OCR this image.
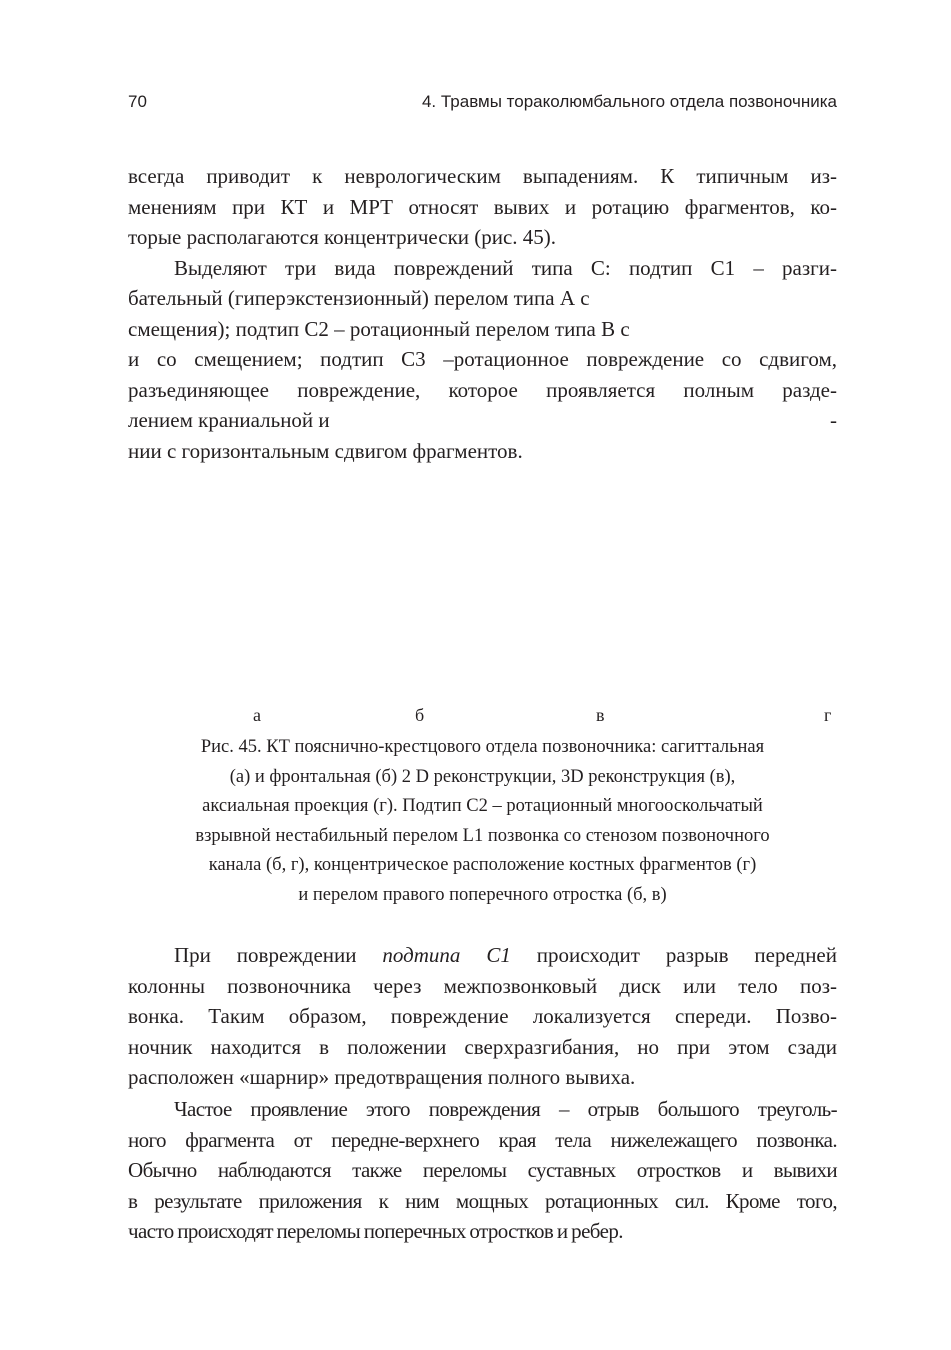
70	4. Травмы тораколюмбального отдела позвоночника
всегда приводит к неврологическим выпадениям. К типичным из-
менениям при КТ и МРТ относят вывих и ротацию фрагментов, ко-
торые располагаются концентрически (рис. 45).
Выделяют три вида повреждений типа С: подтип С1 – разги-
бательный (гиперэкстензионный) перелом типа А с
смещения); подтип С2 – ротационный перелом типа В с
и со смещением; подтип С3 –ротационное повреждение со сдвигом,
разъединяющее повреждение, которое проявляется полным разде-
лением краниальной и	-
нии с горизонтальным сдвигом фрагментов.
а	б	в	г
Рис. 45. КТ пояснично-крестцового отдела позвоночника: сагиттальная
(а) и фронтальная (б) 2 D реконструкции, 3D реконструкция (в),
аксиальная проекция (г). Подтип С2 – ротационный многооскольчатый
взрывной нестабильный перелом L1 позвонка со стенозом позвоночного
канала (б, г), концентрическое расположение костных фрагментов (г)
и перелом правого поперечного отростка (б, в)
При повреждении подтипа С1 происходит разрыв передней
колонны позвоночника через межпозвонковый диск или тело поз-
вонка. Таким образом, повреждение локализуется спереди. Позво-
ночник находится в положении сверхразгибания, но при этом сзади
расположен «шарнир» предотвращения полного вывиха.
Частое проявление этого повреждения – отрыв большого треуголь-
ного фрагмента от передне-верхнего края тела нижележащего позвонка.
Обычно наблюдаются также переломы суставных отростков и вывихи
в результате приложения к ним мощных ротационных сил. Кроме того,
часто происходят переломы поперечных отростков и ребер.
